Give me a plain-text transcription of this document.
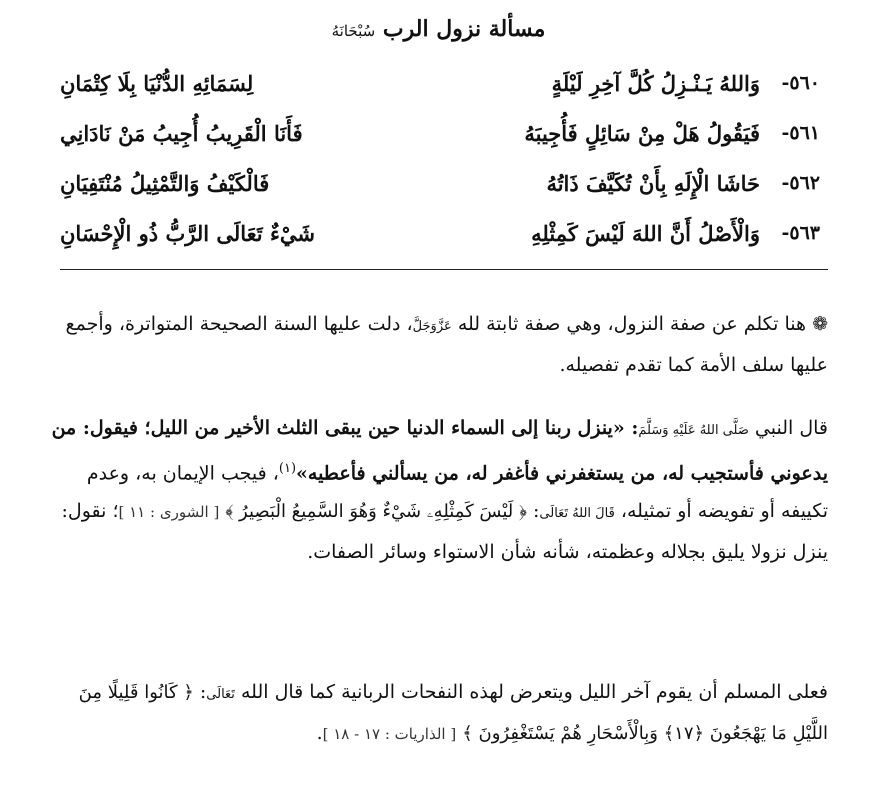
مسألة نزول الرب سُبْحَانَهُ
٥٦٠-
وَاللهُ يَـنْـزِلُ كُلَّ آخِرِ لَيْلَةٍ
لِسَمَائِهِ الدُّنْيَا بِلَا كِتْمَانِ
٥٦١-
فَيَقُولُ هَلْ مِنْ سَائِلٍ فَأُجِيبَهُ
فَأَنَا الْقَرِيبُ أُجِيبُ مَنْ نَادَانِي
٥٦٢-
حَاشَا الْإِلَهِ بِأَنْ تُكَيَّفَ ذَاتُهُ
فَالْكَيْفُ وَالتَّمْثِيلُ مُنْتَفِيَانِ
٥٦٣-
وَالْأَصْلُ أَنَّ اللهَ لَيْسَ كَمِثْلِهِ
شَيْءٌ تَعَالَى الرَّبُّ ذُو الْإِحْسَانِ

❁ هنا تكلم عن صفة النزول، وهي صفة ثابتة لله عَزَّوَجَلَّ، دلت عليها السنة الصحيحة المتواترة، وأجمع عليها سلف الأمة كما تقدم تفصيله.

قال النبي صَلَّى اللهُ عَلَيْهِ وَسَلَّمَ: «ينزل ربنا إلى السماء الدنيا حين يبقى الثلث الأخير من الليل؛ فيقول: من يدعوني فأستجيب له، من يستغفرني فأغفر له، من يسألني فأعطيه»$^{(١)}$، فيجب الإيمان به، وعدم تكييفه أو تفويضه أو تمثيله، قَالَ اللهُ تَعَالَى: ﴿ لَيْسَ كَمِثْلِهِۦ شَيْءٌ وَهُوَ السَّمِيعُ الْبَصِيرُ ﴾ [ الشورى : ١١ ]؛ نقول: ينزل نزولا يليق بجلاله وعظمته، شأنه شأن الاستواء وسائر الصفات.

فعلى المسلم أن يقوم آخر الليل ويتعرض لهذه النفحات الربانية كما قال الله تَعَالَى: ﴿ كَانُوا قَلِيلًا مِنَ اللَّيْلِ مَا يَهْجَعُونَ ﴿١٧﴾ وَبِالْأَسْحَارِ هُمْ يَسْتَغْفِرُونَ ﴾ [ الذاريات : ١٧ - ١٨ ].
